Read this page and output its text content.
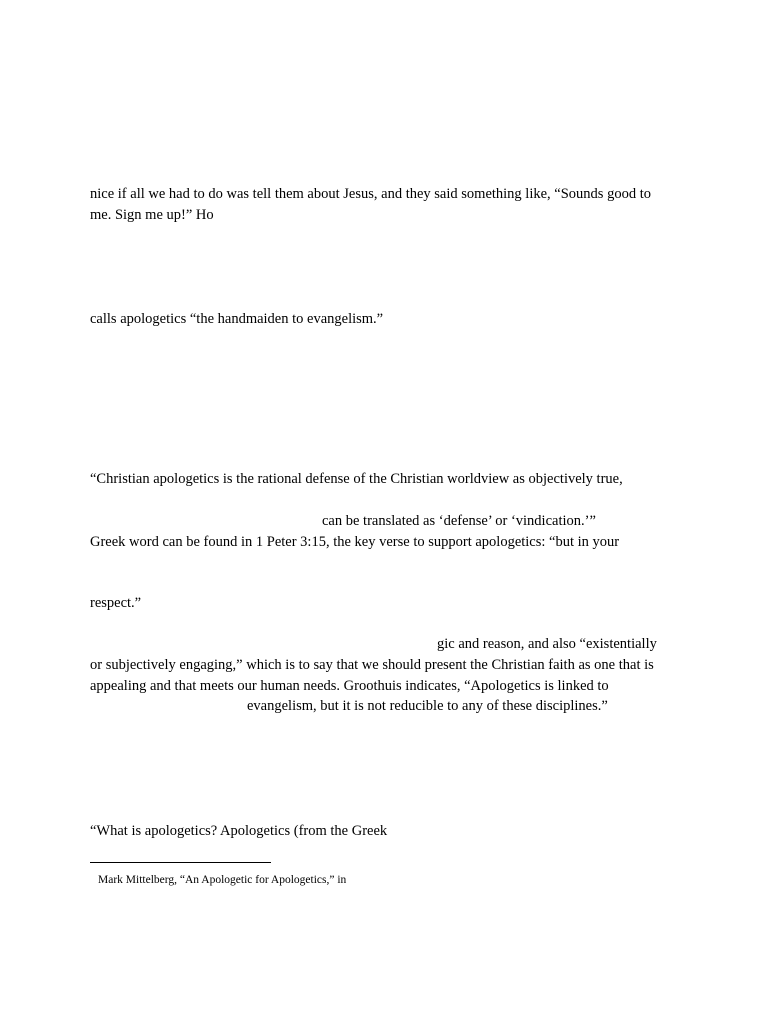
nice if all we had to do was tell them about Jesus, and they said something like, “Sounds good to
me. Sign me up!” Ho
calls apologetics “the handmaiden to evangelism.”
“Christian apologetics is the rational defense of the Christian worldview as objectively true,
can be translated as ‘defense’ or ‘vindication.’”
Greek word can be found in 1 Peter 3:15, the key verse to support apologetics: “but in your
respect.”
gic and reason, and also “existentially
or subjectively engaging,” which is to say that we should present the Christian faith as one that is
appealing and that meets our human needs. Groothuis indicates, “Apologetics is linked to
evangelism, but it is not reducible to any of these disciplines.”
“What is apologetics? Apologetics (from the Greek
Mark Mittelberg, “An Apologetic for Apologetics,” in
